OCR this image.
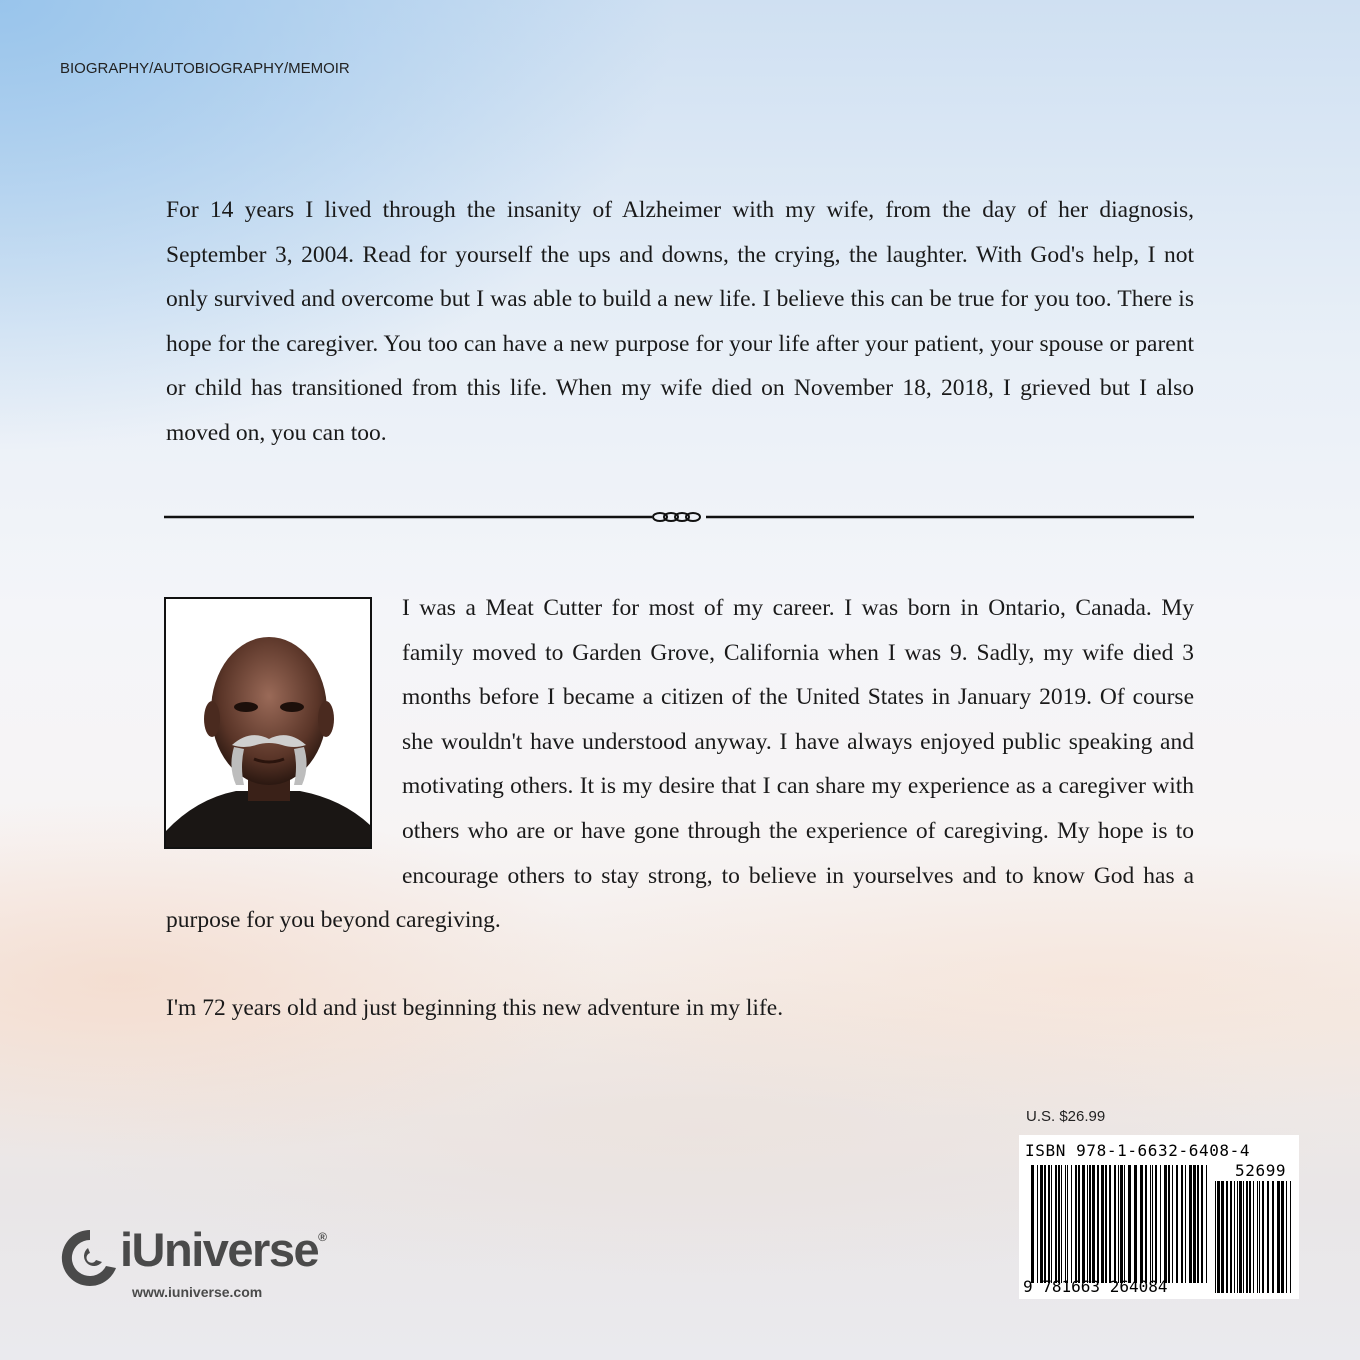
BIOGRAPHY/AUTOBIOGRAPHY/MEMOIR

For 14 years I lived through the insanity of Alzheimer with my wife, from the day of her diagnosis, September 3, 2004. Read for yourself the ups and downs, the crying, the laughter. With God's help, I not only survived and overcome but I was able to build a new life. I believe this can be true for you too. There is hope for the caregiver. You too can have a new purpose for your life after your patient, your spouse or parent or child has transitioned from this life. When my wife died on November 18, 2018, I grieved but I also moved on, you can too.

I was a Meat Cutter for most of my career. I was born in Ontario, Canada. My family moved to Garden Grove, California when I was 9. Sadly, my wife died 3 months before I became a citizen of the United States in January 2019. Of course she wouldn't have understood anyway. I have always enjoyed public speaking and motivating others. It is my desire that I can share my experience as a caregiver with others who are or have gone through the experience of caregiving. My hope is to encourage others to stay strong, to believe in yourselves and to know God has a purpose for you beyond caregiving.

I'm 72 years old and just beginning this new adventure in my life.

U.S. $26.99
ISBN 978-1-6632-6408-4
52699
9 781663 264084
iUniverse®
www.iuniverse.com
